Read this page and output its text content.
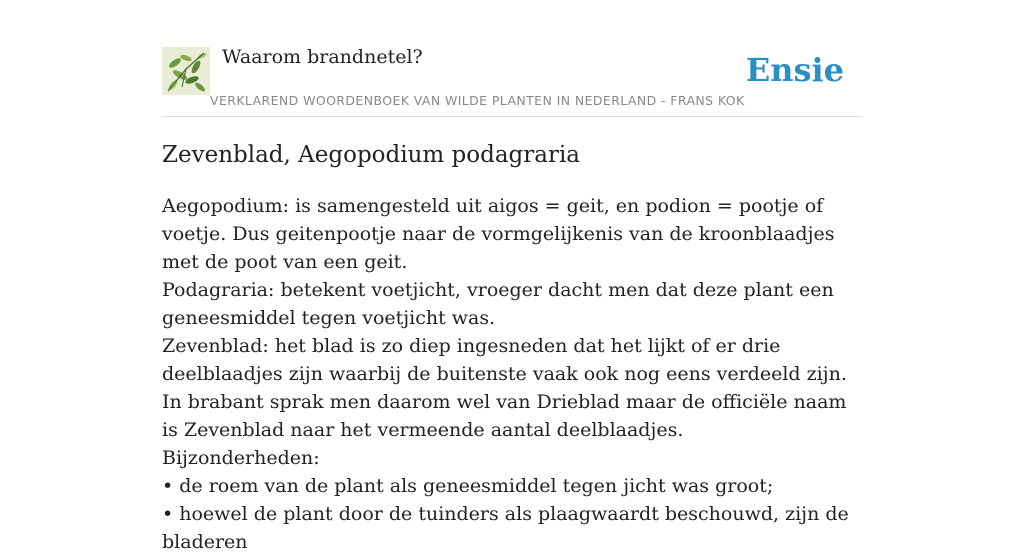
Waarom brandnetel?	Ensie
VERKLAREND WOORDENBOEK VAN WILDE PLANTEN IN NEDERLAND - FRANS KOK
Zevenblad, Aegopodium podagraria

Aegopodium: is samengesteld uit aigos = geit, en podion = pootje of voetje. Dus geitenpootje naar de vormgelijkenis van de kroonblaadjes met de poot van een geit.

Podagraria: betekent voetjicht, vroeger dacht men dat deze plant een geneesmiddel tegen voetjicht was.

Zevenblad: het blad is zo diep ingesneden dat het lijkt of er drie deelblaadjes zijn waarbij de buitenste vaak ook nog eens verdeeld zijn. In brabant sprak men daarom wel van Drieblad maar de officiële naam is Zevenblad naar het vermeende aantal deelblaadjes.

Bijzonderheden:

• de roem van de plant als geneesmiddel tegen jicht was groot;

• hoewel de plant door de tuinders als plaagwaardt beschouwd, zijn de bladeren
